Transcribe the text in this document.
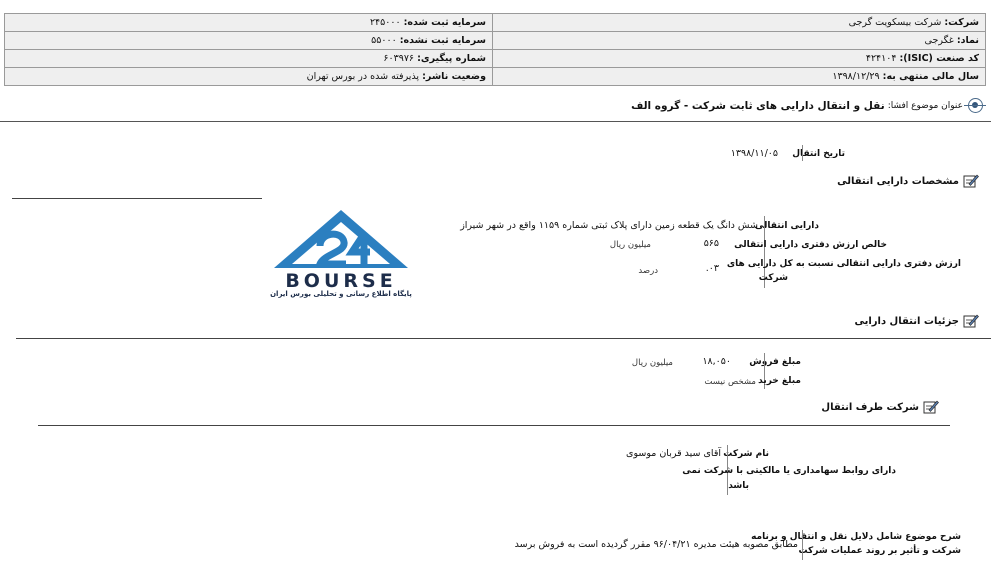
شرکت: شرکت بیسکویت گرجی	سرمایه ثبت شده: ۲۴۵۰۰۰
نماد: غگرجی	سرمایه ثبت نشده: ۵۵۰۰۰
کد صنعت (ISIC): ۴۲۴۱۰۴	شماره پیگیری: ۶۰۳۹۷۶
سال مالی منتهی به: ۱۳۹۸/۱۲/۲۹	وضعیت ناشر: پذیرفته شده در بورس تهران
عنوان موضوع افشا:
نقل و انتقال دارایی های ثابت شرکت - گروه الف
تاریخ انتقال
۱۳۹۸/۱۱/۰۵
مشخصات دارایی انتقالی
دارایی انتقالی
شش دانگ یک قطعه زمین دارای پلاک ثبتی شماره ۱۱۵۹ واقع در شهر شیراز
خالص ارزش دفتری دارایی انتقالی
۵۶۵
میلیون ریال
ارزش دفتری دارایی انتقالی نسبت به کل دارایی های
شرکت
۰۳.
درصد
BOURSE
پایگاه اطلاع رسانی و تحلیلی بورس ایران
جزئیات انتقال دارایی
مبلغ فروش
۱۸,۰۵۰
میلیون ریال
مبلغ خرید
مشخص نیست
شرکت طرف انتقال
نام شرکت
آقای سید قربان موسوی
دارای روابط سهامداری یا مالکیتی با شرکت نمی
باشد
شرح موضوع شامل دلایل نقل و انتقال و برنامه
شرکت و تأثیر بر روند عملیات شرکت
مطابق مصوبه هیئت مدیره ۹۶/۰۴/۲۱ مقرر گردیده است به فروش برسد
